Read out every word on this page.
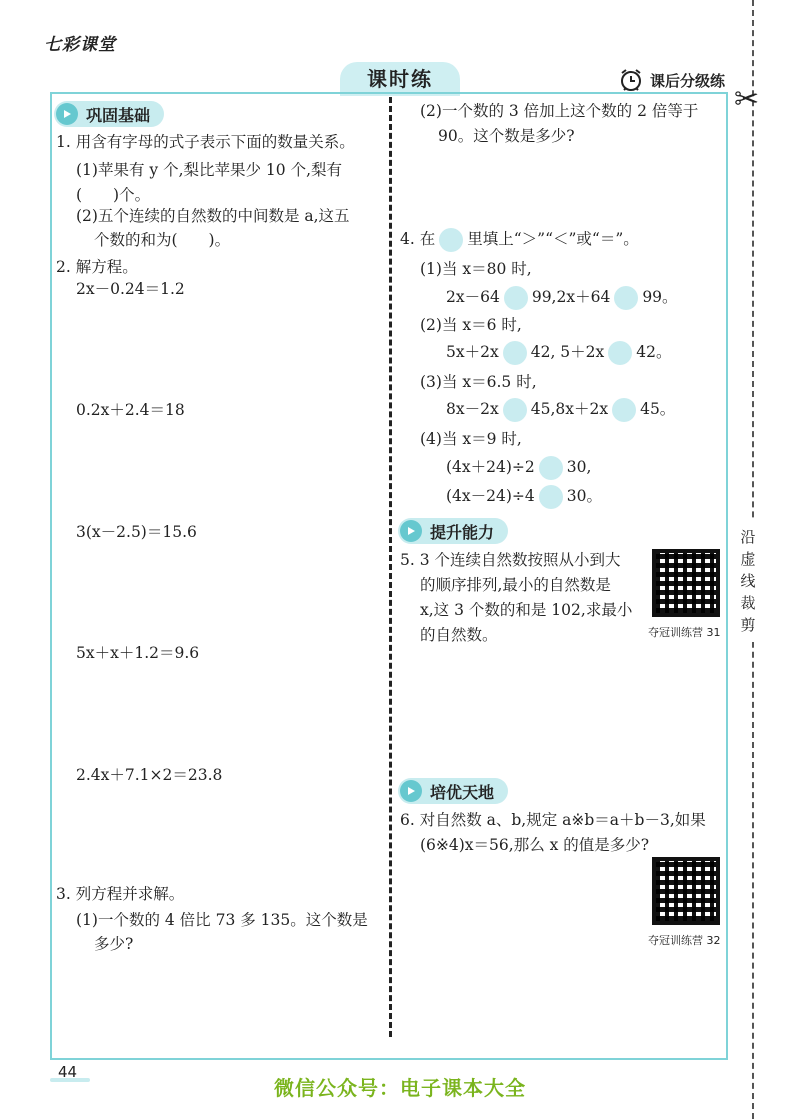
七彩课堂
课时练	课后分级练
✂
沿
虚
线
裁
剪
巩固基础
1. 用含有字母的式子表示下面的数量关系。
(1)苹果有 y 个,梨比苹果少 10 个,梨有
(　　)个。
(2)五个连续的自然数的中间数是 a,这五
个数的和为(　　)。
2. 解方程。
2x－0.24＝1.2
0.2x＋2.4＝18
3(x－2.5)＝15.6
5x＋x＋1.2＝9.6
2.4x＋7.1×2＝23.8
3. 列方程并求解。
(1)一个数的 4 倍比 73 多 135。这个数是
多少?
(2)一个数的 3 倍加上这个数的 2 倍等于
90。这个数是多少?
4. 在 里填上“＞”“＜”或“＝”。
(1)当 x＝80 时,
2x－64 99,2x＋64 99。
(2)当 x＝6 时,
5x＋2x 42, 5＋2x 42。
(3)当 x＝6.5 时,
8x－2x 45,8x＋2x 45。
(4)当 x＝9 时,
(4x＋24)÷2 30,
(4x－24)÷4 30。
提升能力
5. 3 个连续自然数按照从小到大
的顺序排列,最小的自然数是
x,这 3 个数的和是 102,求最小
的自然数。	夺冠训练营 31
培优天地
6. 对自然数 a、b,规定 a※b＝a＋b－3,如果
(6※4)x＝56,那么 x 的值是多少?
夺冠训练营 32
44
微信公众号：电子课本大全
